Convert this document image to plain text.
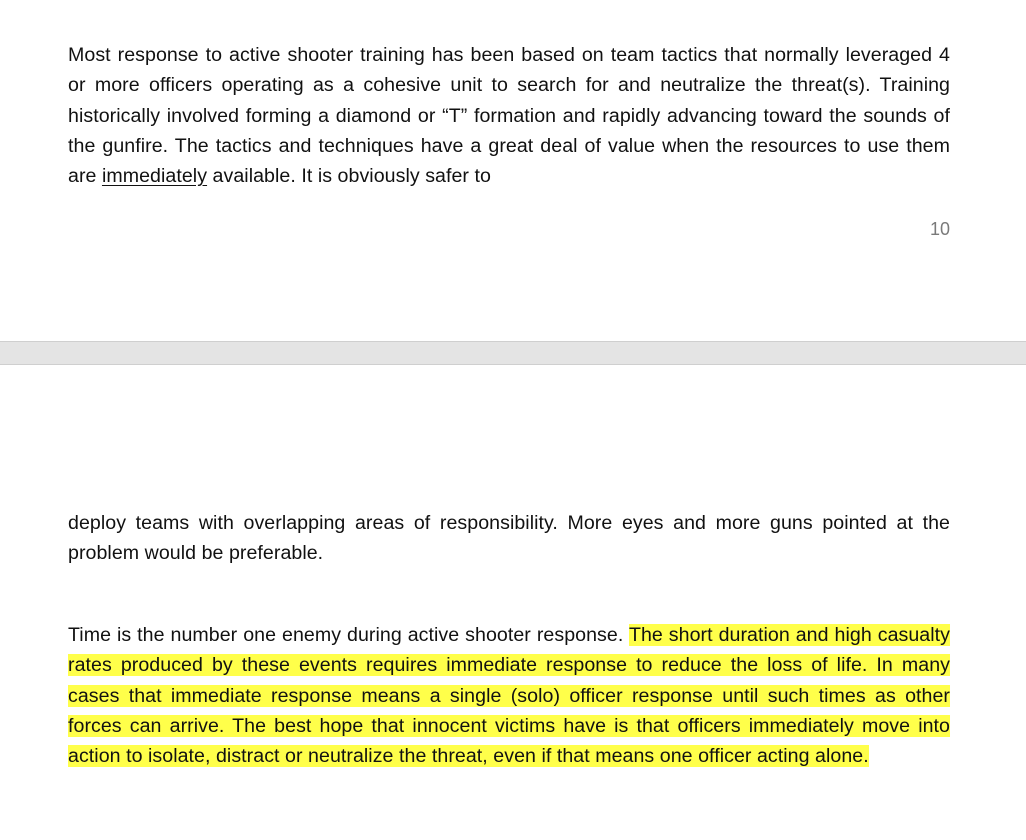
Most response to active shooter training has been based on team tactics that normally leveraged 4 or more officers operating as a cohesive unit to search for and neutralize the threat(s). Training historically involved forming a diamond or “T” formation and rapidly advancing toward the sounds of the gunfire. The tactics and techniques have a great deal of value when the resources to use them are immediately available. It is obviously safer to

10

deploy teams with overlapping areas of responsibility. More eyes and more guns pointed at the problem would be preferable.

Time is the number one enemy during active shooter response. The short duration and high casualty rates produced by these events requires immediate response to reduce the loss of life. In many cases that immediate response means a single (solo) officer response until such times as other forces can arrive. The best hope that innocent victims have is that officers immediately move into action to isolate, distract or neutralize the threat, even if that means one officer acting alone.
